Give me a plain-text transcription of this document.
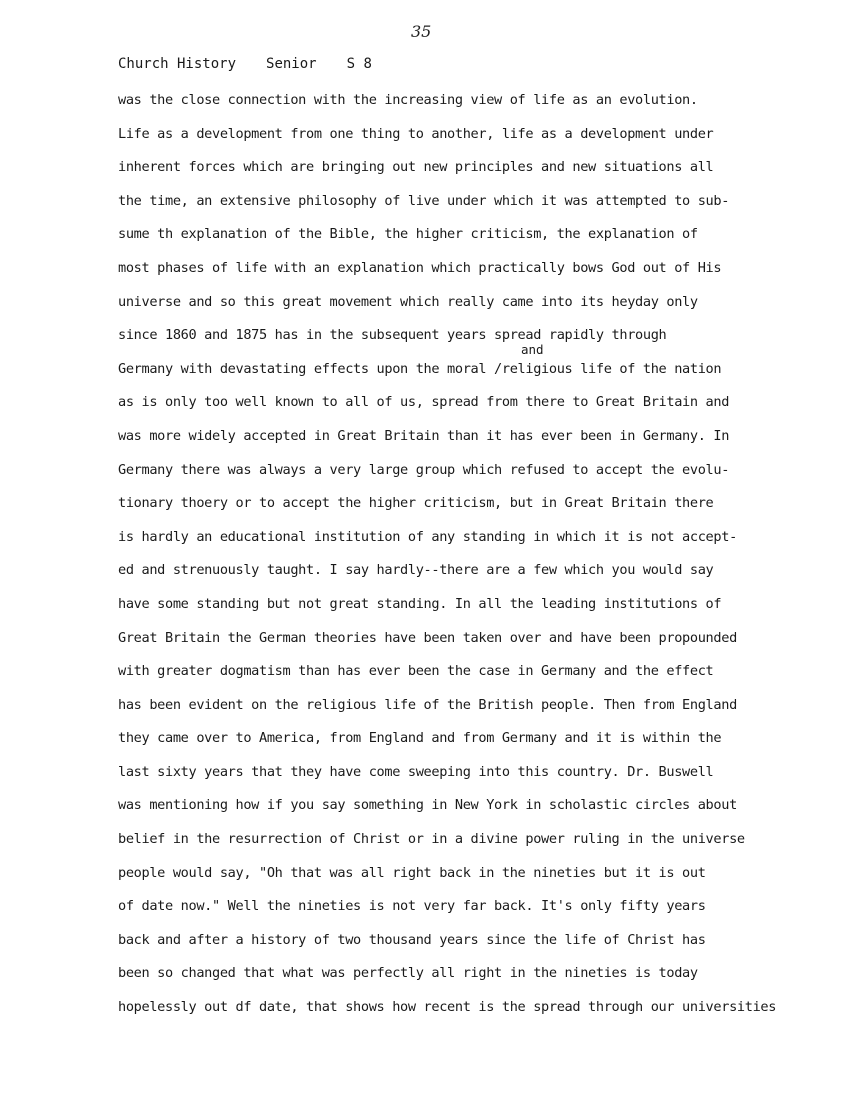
35
Church History Senior S 8
and
was the close connection with the increasing view of life as an evolution.
Life as a development from one thing to another, life as a development under
inherent forces which are bringing out new principles and new situations all
the time, an extensive philosophy of live under which it was attempted to sub-
sume th explanation of the Bible, the higher criticism, the explanation of
most phases of life with an explanation which practically bows God out of His
universe and so this great movement which really came into its heyday only
since 1860 and 1875 has in the subsequent years spread rapidly through
Germany with devastating effects upon the moral /religious life of the nation
as is only too well known to all of us, spread from there to Great Britain and
was more widely accepted in Great Britain than it has ever been in Germany. In
Germany there was always a very large group which refused to accept the evolu-
tionary thoery or to accept the higher criticism, but in Great Britain there
is hardly an educational institution of any standing in which it is not accept-
ed and strenuously taught. I say hardly--there are a few which you would say
have some standing but not great standing. In all the leading institutions of
Great Britain the German theories have been taken over and have been propounded
with greater dogmatism than has ever been the case in Germany and the effect
has been evident on the religious life of the British people. Then from England
they came over to America, from England and from Germany and it is within the
last sixty years that they have come sweeping into this country. Dr. Buswell
was mentioning how if you say something in New York in scholastic circles about
belief in the resurrection of Christ or in a divine power ruling in the universe
people would say, "Oh that was all right back in the nineties but it is out
of date now." Well the nineties is not very far back. It's only fifty years
back and after a history of two thousand years since the life of Christ has
been so changed that what was perfectly all right in the nineties is today
hopelessly out df date, that shows how recent is the spread through our universities
